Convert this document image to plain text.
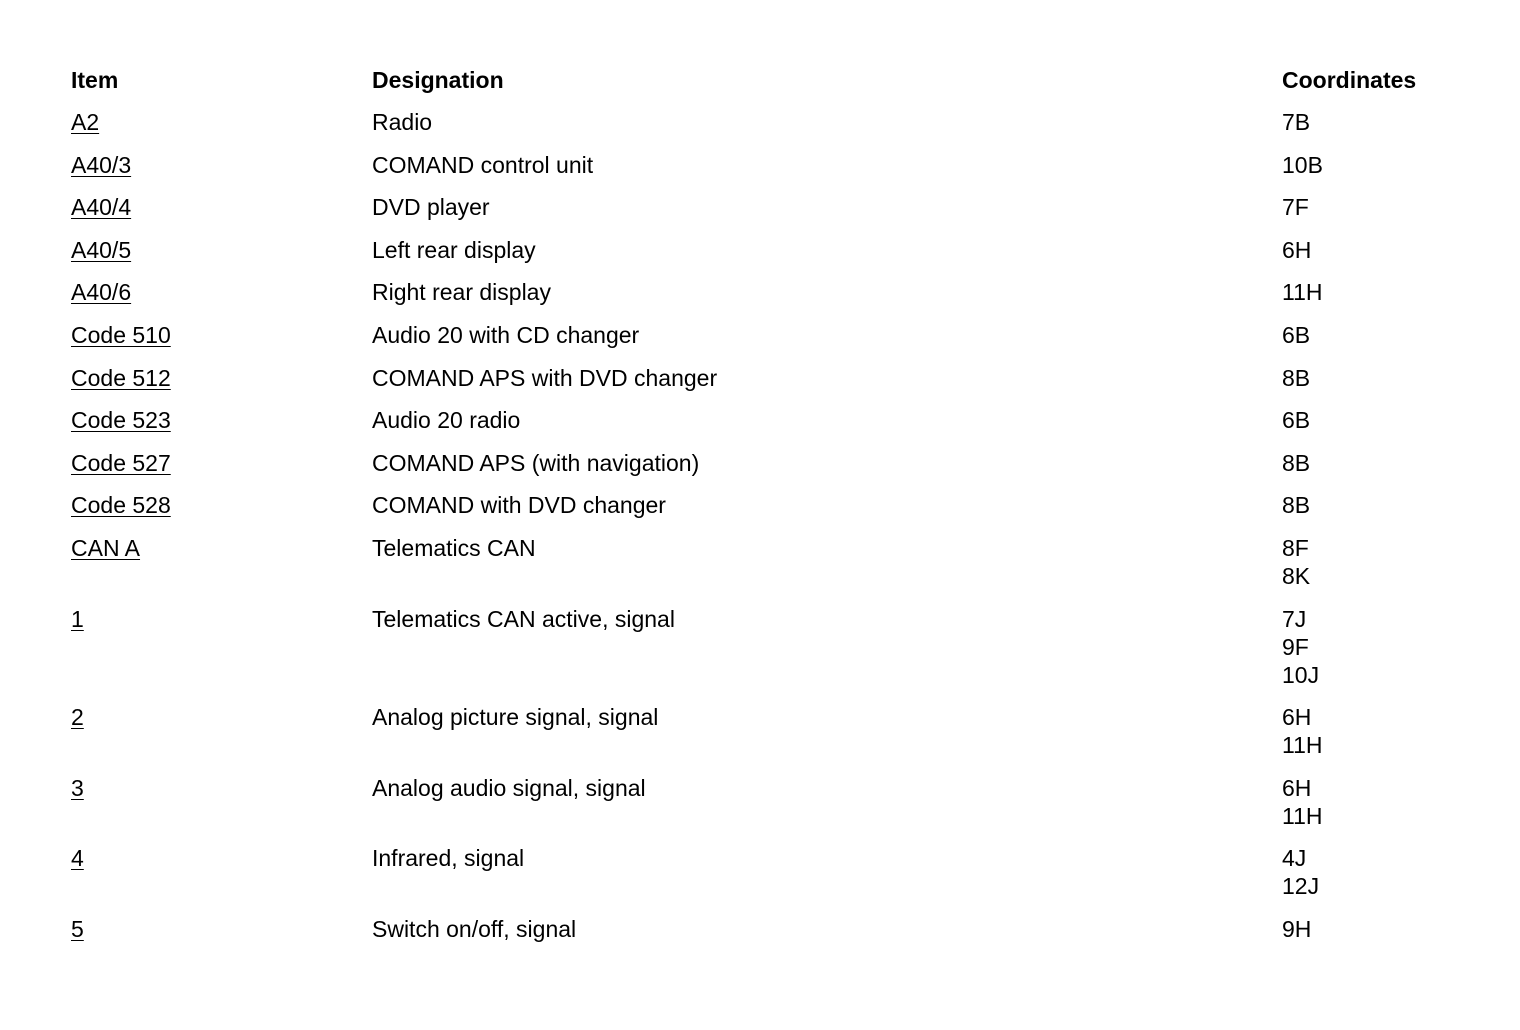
Item	Designation	Coordinates
A2	Radio	7B
A40/3	COMAND control unit	10B
A40/4	DVD player	7F
A40/5	Left rear display	6H
A40/6	Right rear display	11H
Code 510	Audio 20 with CD changer	6B
Code 512	COMAND APS with DVD changer	8B
Code 523	Audio 20 radio	6B
Code 527	COMAND APS (with navigation)	8B
Code 528	COMAND with DVD changer	8B
CAN A	Telematics CAN	8F
8K
1	Telematics CAN active, signal	7J
9F
10J
2	Analog picture signal, signal	6H
11H
3	Analog audio signal, signal	6H
11H
4	Infrared, signal	4J
12J
5	Switch on/off, signal	9H
